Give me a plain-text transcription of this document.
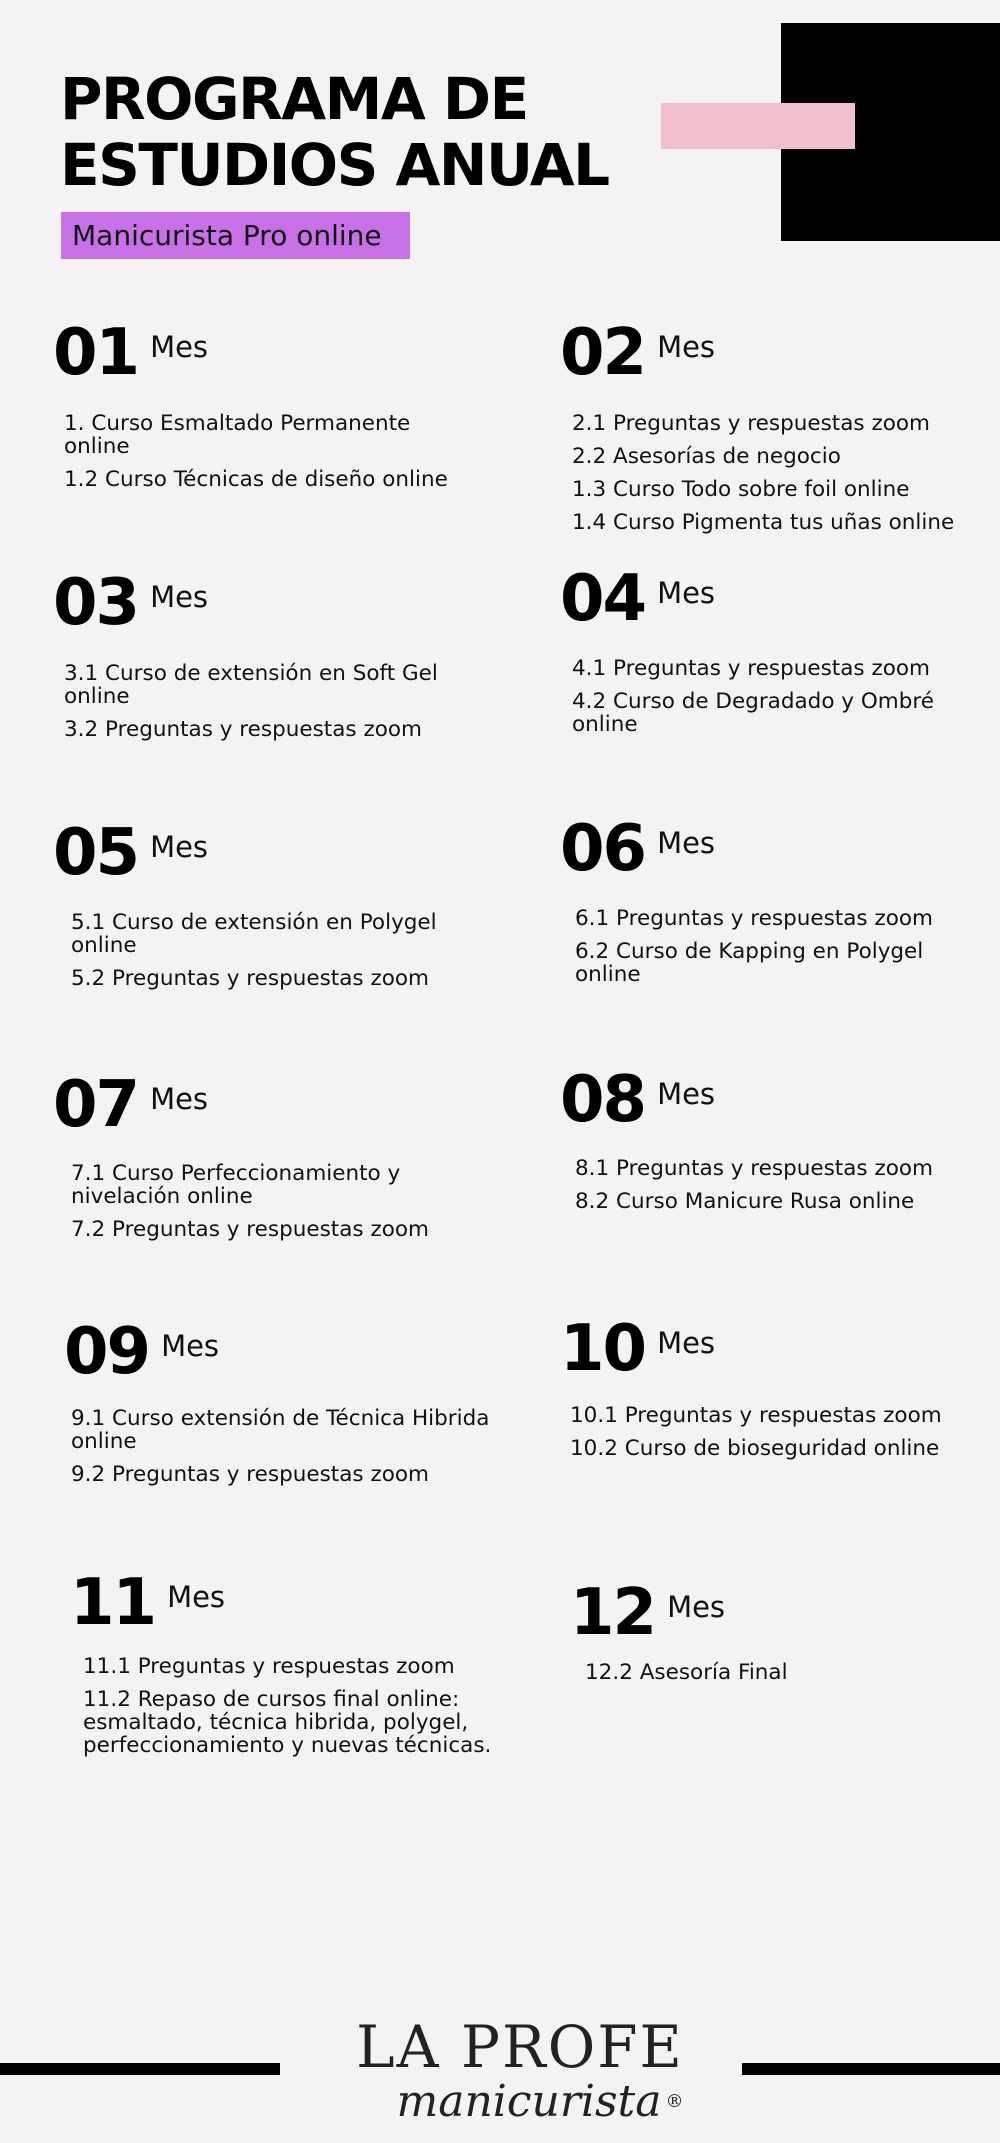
PROGRAMA DE
ESTUDIOS ANUAL
Manicurista Pro online
01 Mes
1. Curso Esmaltado Permanente online
1.2 Curso Técnicas de diseño online
02 Mes
2.1 Preguntas y respuestas zoom
2.2 Asesorías de negocio
1.3 Curso Todo sobre foil online
1.4 Curso Pigmenta tus uñas online
03 Mes
3.1 Curso de extensión en Soft Gel online
3.2 Preguntas y respuestas zoom
04 Mes
4.1 Preguntas y respuestas zoom
4.2 Curso de Degradado y Ombré online
05 Mes
5.1 Curso de extensión en Polygel online
5.2 Preguntas y respuestas zoom
06 Mes
6.1 Preguntas y respuestas zoom
6.2 Curso de Kapping en Polygel online
07 Mes
7.1 Curso Perfeccionamiento y nivelación online
7.2 Preguntas y respuestas zoom
08 Mes
8.1 Preguntas y respuestas zoom
8.2 Curso Manicure Rusa online
09 Mes
9.1 Curso extensión de Técnica Hibrida online
9.2 Preguntas y respuestas zoom
10 Mes
10.1 Preguntas y respuestas zoom
10.2 Curso de bioseguridad online
11 Mes
11.1 Preguntas y respuestas zoom
11.2 Repaso de cursos final online: esmaltado, técnica hibrida, polygel, perfeccionamiento y nuevas técnicas.
12 Mes
12.2 Asesoría Final
LA PROFE
manicurista ®
